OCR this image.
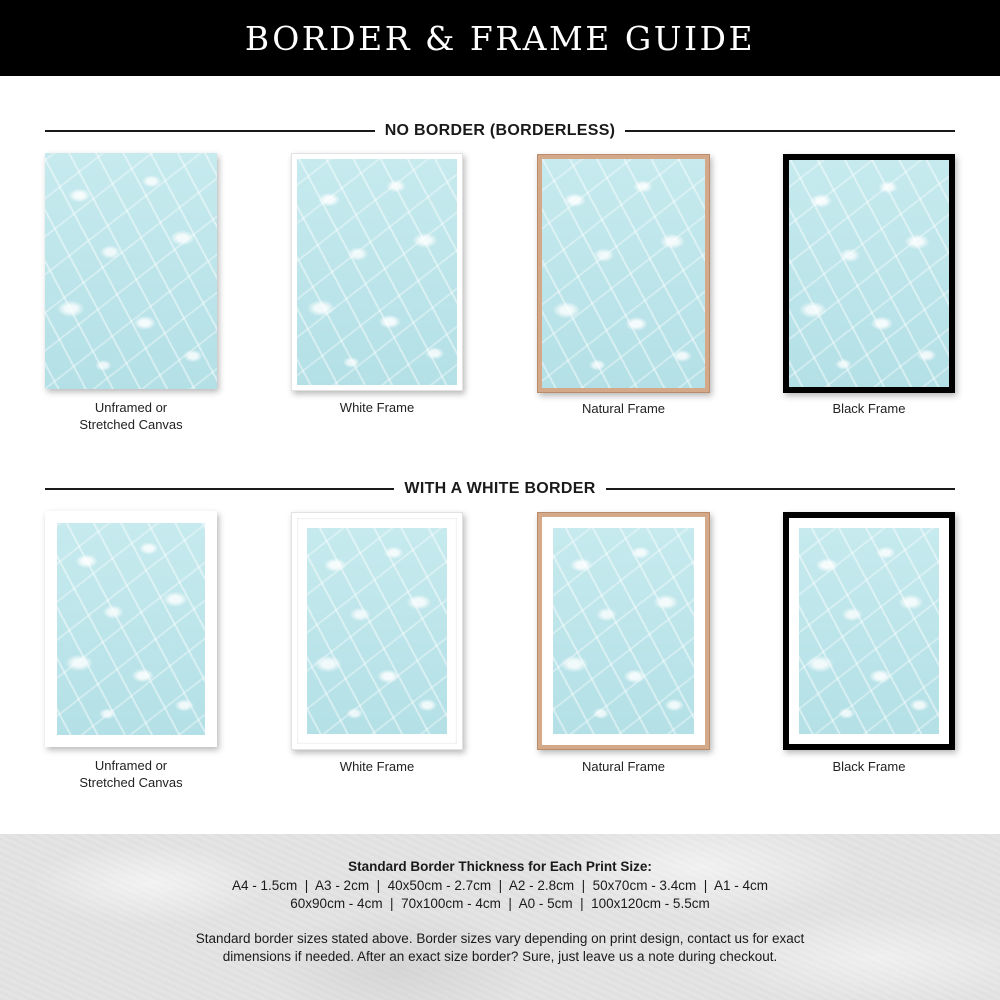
BORDER & FRAME GUIDE
NO BORDER (BORDERLESS)
Unframed or
Stretched Canvas
White Frame	Natural Frame	Black Frame
WITH A WHITE BORDER
Unframed or
Stretched Canvas
White Frame	Natural Frame	Black Frame
Standard Border Thickness for Each Print Size:
A4 - 1.5cm  |  A3 - 2cm  |  40x50cm - 2.7cm  |  A2 - 2.8cm  |  50x70cm - 3.4cm  |  A1 - 4cm
60x90cm - 4cm  |  70x100cm - 4cm  |  A0 - 5cm  |  100x120cm - 5.5cm
Standard border sizes stated above. Border sizes vary depending on print design, contact us for exact
dimensions if needed. After an exact size border? Sure, just leave us a note during checkout.
